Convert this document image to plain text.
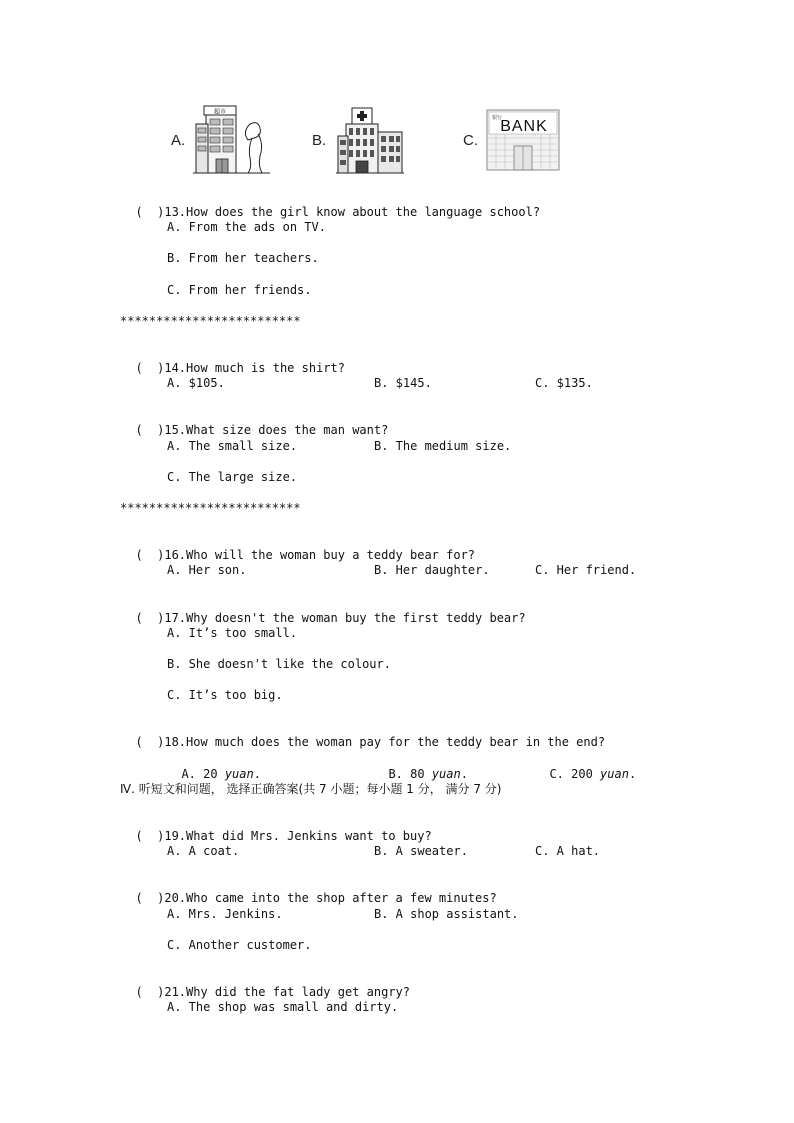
A.
超市
B.	C.
银行
BANK

(  )13.How does the girl know about the language school?

A. From the ads on TV.
B. From her teachers.
C. From her friends.
*************************

(  )14.How much is the shirt?

A. $105.	B. $145.	C. $135.

(  )15.What size does the man want?

A. The small size.	B. The medium size.
C. The large size.
*************************

(  )16.Who will the woman buy a teddy bear for?

A. Her son.	B. Her daughter.	C. Her friend.

(  )17.Why doesn't the woman buy the first teddy bear?

A. It’s too small.
B. She doesn't like the colour.
C. It’s too big.

(  )18.How much does the woman pay for the teddy bear in the end?

A. 20 yuan.	B. 80 yuan.	C. 200 yuan.

Ⅳ. 听短文和问题， 选择正确答案(共 7 小题；每小题 1 分， 满分 7 分)

(  )19.What did Mrs. Jenkins want to buy?

A. A coat.	B. A sweater.	C. A hat.

(  )20.Who came into the shop after a few minutes?

A. Mrs. Jenkins.	B. A shop assistant.
C. Another customer.

(  )21.Why did the fat lady get angry?

A. The shop was small and dirty.
